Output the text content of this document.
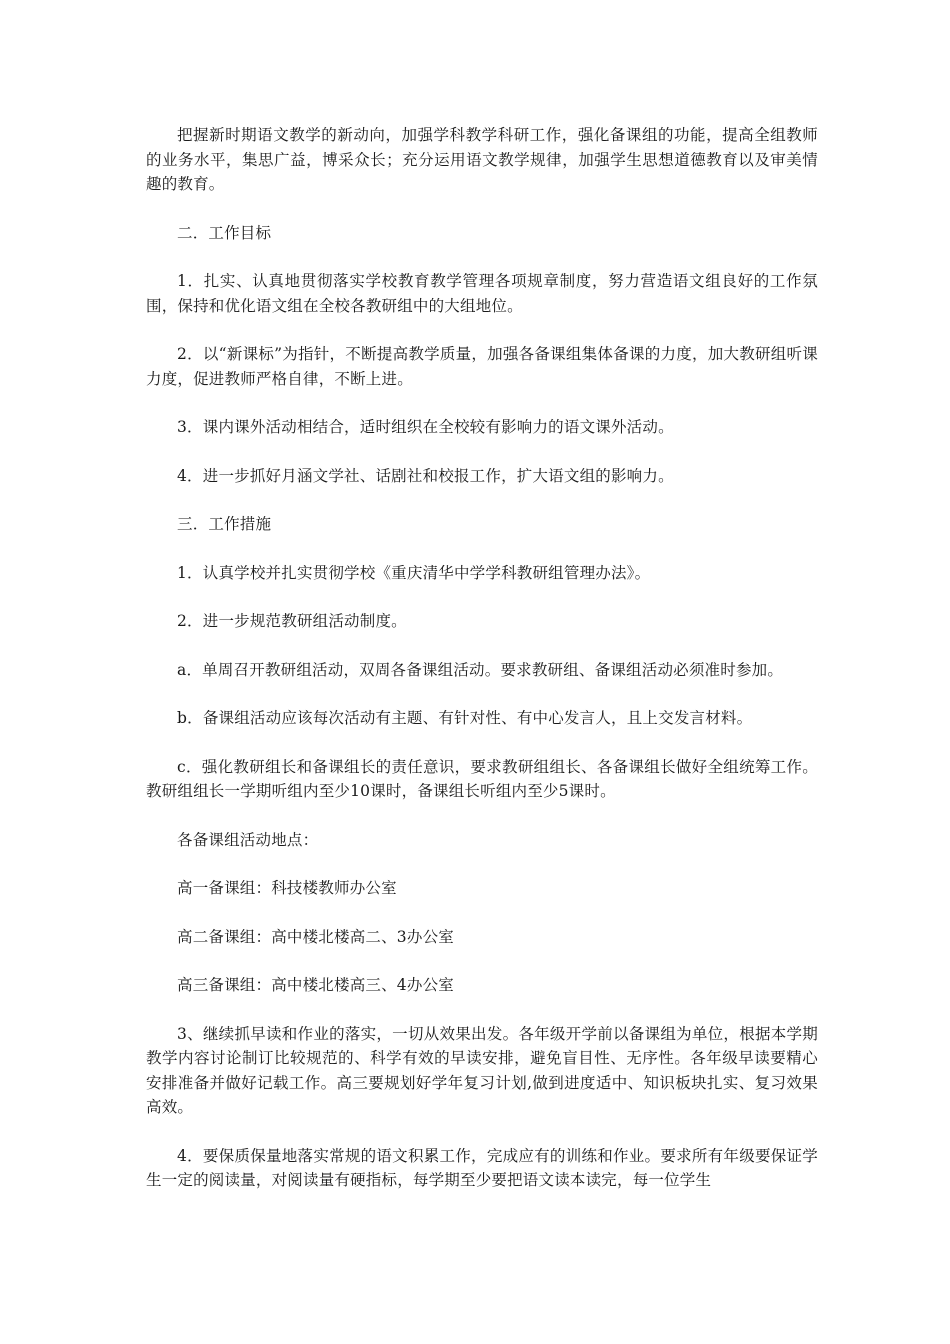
把握新时期语文教学的新动向，加强学科教学科研工作，强化备课组的功能，提高全组教师的业务水平，集思广益，博采众长；充分运用语文教学规律，加强学生思想道德教育以及审美情趣的教育。

二．工作目标

1．扎实、认真地贯彻落实学校教育教学管理各项规章制度，努力营造语文组良好的工作氛围，保持和优化语文组在全校各教研组中的大组地位。

2．以“新课标”为指针，不断提高教学质量，加强各备课组集体备课的力度，加大教研组听课力度，促进教师严格自律，不断上进。

3．课内课外活动相结合，适时组织在全校较有影响力的语文课外活动。

4．进一步抓好月涵文学社、话剧社和校报工作，扩大语文组的影响力。

三．工作措施

1．认真学校并扎实贯彻学校《重庆清华中学学科教研组管理办法》。

2．进一步规范教研组活动制度。

a．单周召开教研组活动，双周各备课组活动。要求教研组、备课组活动必须准时参加。

b．备课组活动应该每次活动有主题、有针对性、有中心发言人，且上交发言材料。

c．强化教研组长和备课组长的责任意识，要求教研组组长、各备课组长做好全组统筹工作。教研组组长一学期听组内至少10课时，备课组长听组内至少5课时。

各备课组活动地点：

高一备课组：科技楼教师办公室

高二备课组：高中楼北楼高二、3办公室

高三备课组：高中楼北楼高三、4办公室

3、继续抓早读和作业的落实，一切从效果出发。各年级开学前以备课组为单位，根据本学期教学内容讨论制订比较规范的、科学有效的早读安排，避免盲目性、无序性。各年级早读要精心安排准备并做好记载工作。高三要规划好学年复习计划,做到进度适中、知识板块扎实、复习效果高效。

4．要保质保量地落实常规的语文积累工作，完成应有的训练和作业。要求所有年级要保证学生一定的阅读量，对阅读量有硬指标，每学期至少要把语文读本读完，每一位学生
